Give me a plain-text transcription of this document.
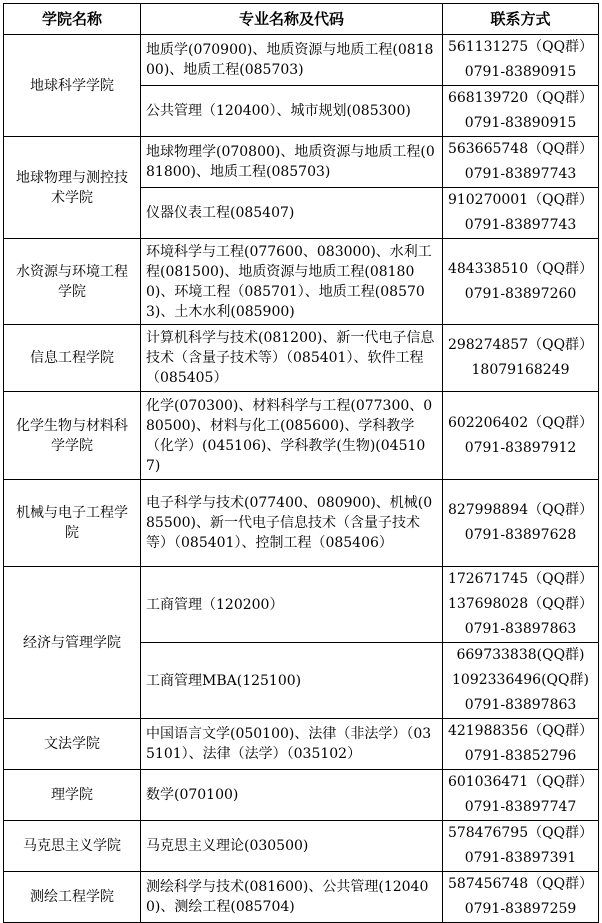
学院名称	专业名称及代码	联系方式
地球科学学院	地质学(070900)、地质资源与地质工程(081800)、地质工程(085703)	561131275（QQ群）
0791-83890915

	公共管理（120400）、城市规划(085300)	668139720（QQ群）
0791-83890915

地球物理与测控技术学院	地球物理学(070800)、地质资源与地质工程(081800)、地质工程(085703)	563665748（QQ群）
0791-83897743

	仪器仪表工程(085407)	910270001（QQ群）
0791-83897743

水资源与环境工程学院	环境科学与工程(077600、083000)、水利工程(081500)、地质资源与地质工程(081800)、环境工程（085701）、地质工程(085703)、土木水利(085900)	484338510（QQ群）
0791-83897260

信息工程学院	计算机科学与技术(081200)、新一代电子信息技术（含量子技术等）（085401）、软件工程（085405）	298274857（QQ群）
18079168249

化学生物与材料科学学院	化学(070300)、材料科学与工程(077300、080500)、材料与化工(085600)、学科教学（化学）(045106)、学科教学(生物)(045107)	602206402（QQ群）
0791-83897912

机械与电子工程学院	电子科学与技术(077400、080900)、机械(085500)、新一代电子信息技术（含量子技术等）（085401）、控制工程（085406）	827998894（QQ群）
0791-83897628

经济与管理学院	工商管理（120200）	172671745（QQ群）
137698028（QQ群）
0791-83897863

	工商管理MBA(125100)	669733838(QQ群)
1092336496(QQ群)
0791-83897863

文法学院	中国语言文学(050100)、法律（非法学）（035101）、法律（法学）（035102）	421988356（QQ群）
0791-83852796

理学院	数学(070100)	601036471（QQ群）
0791-83897747

马克思主义学院	马克思主义理论(030500)	578476795（QQ群）
0791-83897391

测绘工程学院	测绘科学与技术(081600)、公共管理(120400)、测绘工程(085704)	587456748（QQ群）
0791-83897259
